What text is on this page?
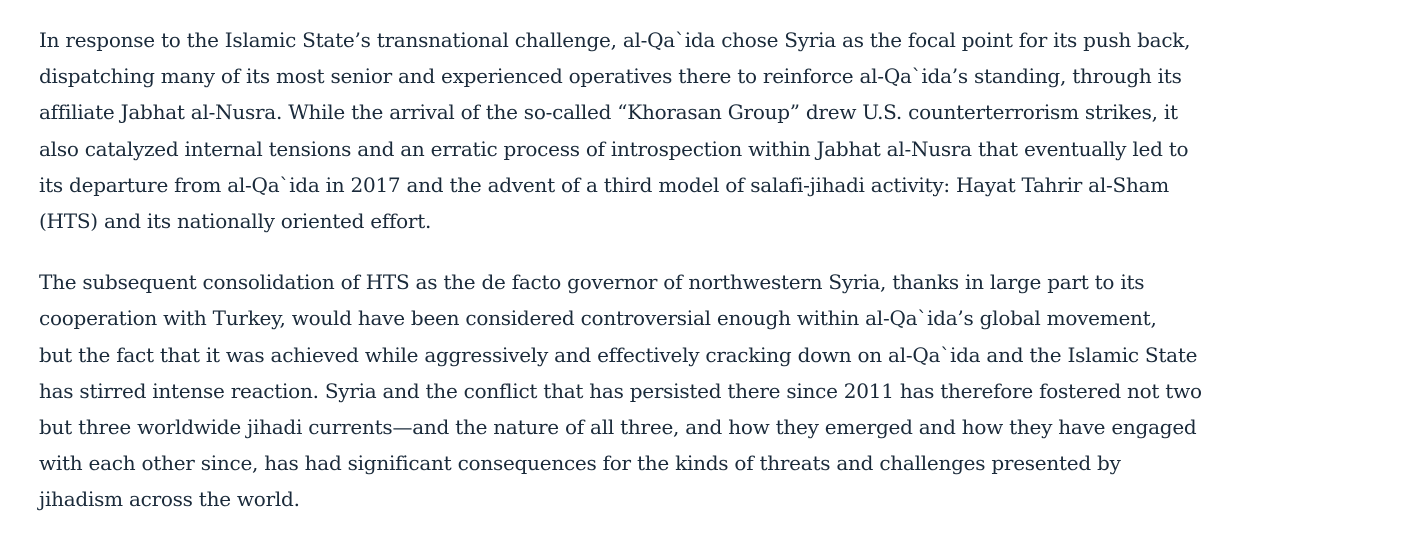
In response to the Islamic State’s transnational challenge, al-Qa`ida chose Syria as the focal point for its push back,
dispatching many of its most senior and experienced operatives there to reinforce al-Qa`ida’s standing, through its
affiliate Jabhat al-Nusra. While the arrival of the so-called “Khorasan Group” drew U.S. counterterrorism strikes, it
also catalyzed internal tensions and an erratic process of introspection within Jabhat al-Nusra that eventually led to
its departure from al-Qa`ida in 2017 and the advent of a third model of salafi-jihadi activity: Hayat Tahrir al-Sham
(HTS) and its nationally oriented effort.

The subsequent consolidation of HTS as the de facto governor of northwestern Syria, thanks in large part to its
cooperation with Turkey, would have been considered controversial enough within al-Qa`ida’s global movement,
but the fact that it was achieved while aggressively and effectively cracking down on al-Qa`ida and the Islamic State
has stirred intense reaction. Syria and the conflict that has persisted there since 2011 has therefore fostered not two
but three worldwide jihadi currents—and the nature of all three, and how they emerged and how they have engaged
with each other since, has had significant consequences for the kinds of threats and challenges presented by
jihadism across the world.
